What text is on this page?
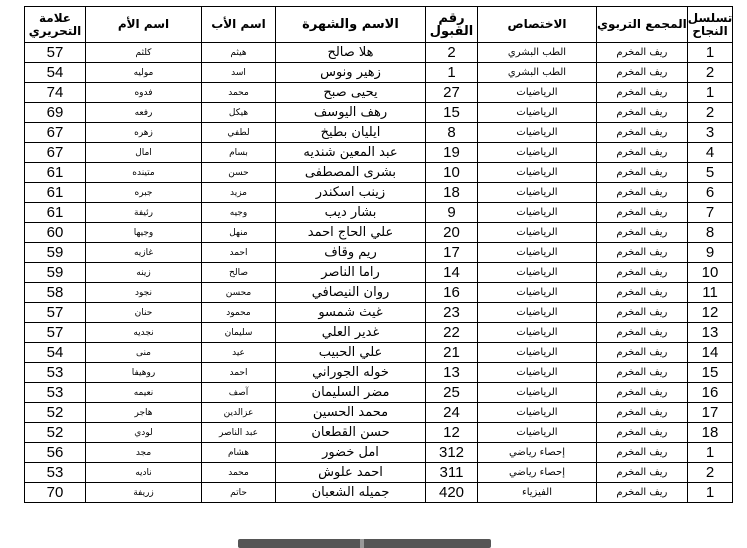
تسلسل النجاح	المجمع التربوي	الاختصاص	رقم القبول	الاسم والشهرة	اسم الأب	اسم الأم	علامة التحريري
1	ريف المخرم	الطب البشري	2	هلا صالح	هيثم	كلثم	57
2	ريف المخرم	الطب البشري	1	زهير ونوس	اسد	موليه	54
1	ريف المخرم	الرياضيات	27	يحيى صبح	محمد	فدوه	74
2	ريف المخرم	الرياضيات	15	رهف اليوسف	هيكل	رفعه	69
3	ريف المخرم	الرياضيات	8	ايليان بطيخ	لطفي	زهره	67
4	ريف المخرم	الرياضيات	19	عبد المعين شنديه	بسام	امال	67
5	ريف المخرم	الرياضيات	10	بشرى المصطفى	حسن	متينده	61
6	ريف المخرم	الرياضيات	18	زينب اسكندر	مزيد	جبره	61
7	ريف المخرم	الرياضيات	9	بشار ديب	وجيه	رئيفة	61
8	ريف المخرم	الرياضيات	20	علي الحاج احمد	منهل	وجيها	60
9	ريف المخرم	الرياضيات	17	ريم وقاف	احمد	غازيه	59
10	ريف المخرم	الرياضيات	14	راما الناصر	صالح	زينه	59
11	ريف المخرم	الرياضيات	16	روان النيصافي	محسن	نجود	58
12	ريف المخرم	الرياضيات	23	غيث شمسو	محمود	حنان	57
13	ريف المخرم	الرياضيات	22	غدير العلي	سليمان	نجديه	57
14	ريف المخرم	الرياضيات	21	علي الحبيب	عيد	منى	54
15	ريف المخرم	الرياضيات	13	خوله الجوراني	احمد	روهيفا	53
16	ريف المخرم	الرياضيات	25	مضر السليمان	آصف	نعيمه	53
17	ريف المخرم	الرياضيات	24	محمد الحسين	عزالدين	هاجر	52
18	ريف المخرم	الرياضيات	12	حسن القطعان	عبد الناصر	لودي	52
1	ريف المخرم	إحصاء رياضي	312	امل خضور	هشام	مجد	56
2	ريف المخرم	إحصاء رياضي	311	احمد علوش	محمد	ناديه	53
1	ريف المخرم	الفيزياء	420	جميله الشعبان	حاتم	زريفة	70
